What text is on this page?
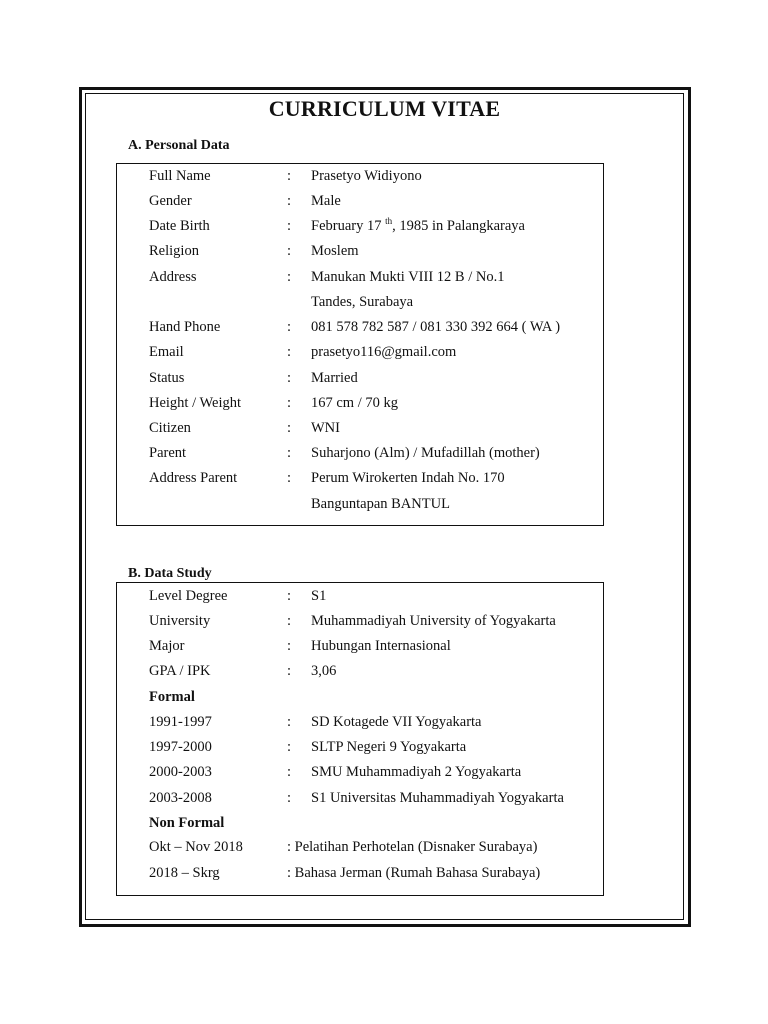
CURRICULUM VITAE
A. Personal Data
Full Name	: Prasetyo Widiyono
Gender	: Male
Date Birth	: February 17 $^{th}$, 1985 in Palangkaraya
Religion	: Moslem
Address	: Manukan Mukti VIII 12 B / No.1
Tandes, Surabaya
Hand Phone	: 081 578 782 587 / 081 330 392 664 ( WA )
Email	: prasetyo116@gmail.com
Status	: Married
Height / Weight	: 167 cm / 70 kg
Citizen	: WNI
Parent	: Suharjono (Alm) / Mufadillah (mother)
Address Parent	: Perum Wirokerten Indah No. 170
Banguntapan BANTUL
B. Data Study
Level Degree	: S1
University	: Muhammadiyah University of Yogyakarta
Major	: Hubungan Internasional
GPA / IPK	: 3,06
Formal
1991-1997	: SD Kotagede VII Yogyakarta
1997-2000	: SLTP Negeri 9 Yogyakarta
2000-2003	: SMU Muhammadiyah 2 Yogyakarta
2003-2008	: S1 Universitas Muhammadiyah Yogyakarta
Non Formal
Okt – Nov 2018	: Pelatihan Perhotelan (Disnaker Surabaya)
2018 – Skrg	: Bahasa Jerman (Rumah Bahasa Surabaya)
